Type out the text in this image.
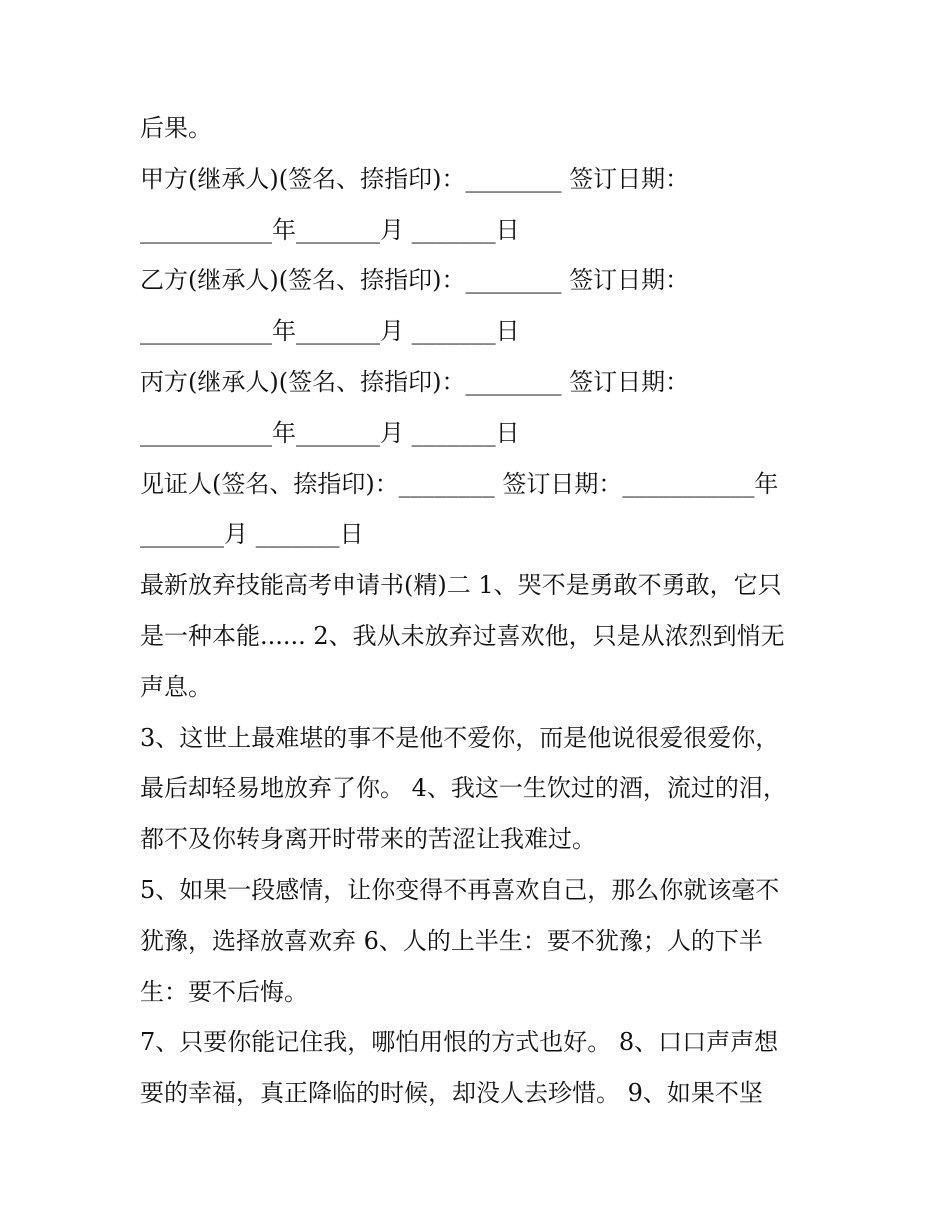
后果。
甲方(继承人)(签名、捺指印)：________ 签订日期：
___________年_______月 _______日
乙方(继承人)(签名、捺指印)：________ 签订日期：
___________年_______月 _______日
丙方(继承人)(签名、捺指印)：________ 签订日期：
___________年_______月 _______日
见证人(签名、捺指印)：________ 签订日期：___________年
_______月 _______日
最新放弃技能高考申请书(精)二 1、哭不是勇敢不勇敢，它只
是一种本能...... 2、我从未放弃过喜欢他，只是从浓烈到悄无
声息。
3、这世上最难堪的事不是他不爱你，而是他说很爱很爱你，
最后却轻易地放弃了你。 4、我这一生饮过的酒，流过的泪，
都不及你转身离开时带来的苦涩让我难过。
5、如果一段感情，让你变得不再喜欢自己，那么你就该毫不
犹豫，选择放喜欢弃 6、人的上半生：要不犹豫；人的下半
生：要不后悔。
7、只要你能记住我，哪怕用恨的方式也好。 8、口口声声想
要的幸福，真正降临的时候，却没人去珍惜。 9、如果不坚
